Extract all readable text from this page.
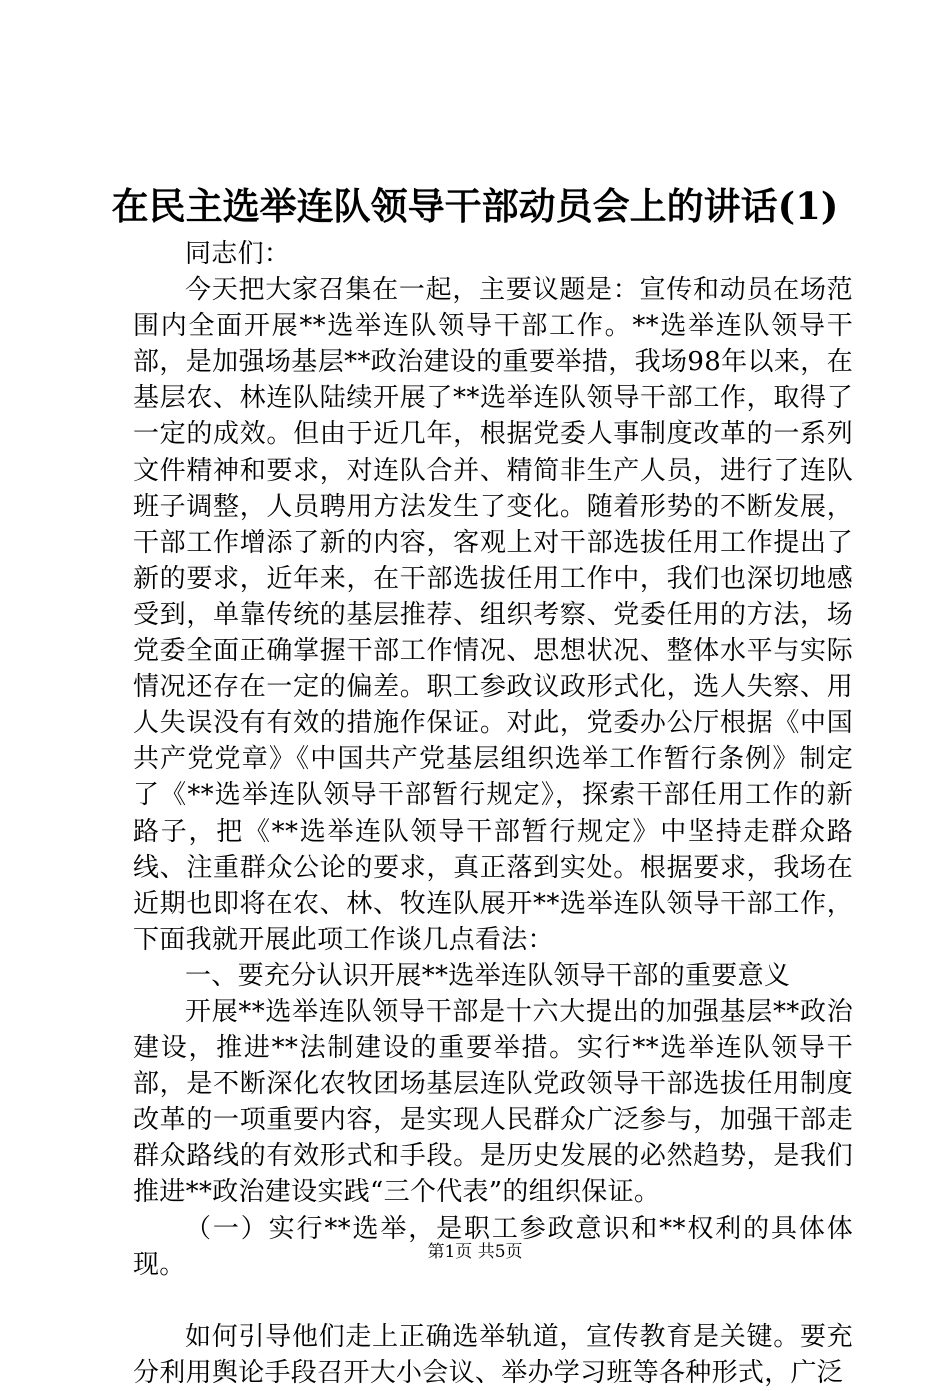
在民主选举连队领导干部动员会上的讲话(1)

同志们：

今天把大家召集在一起，主要议题是：宣传和动员在场范围内全面开展**选举连队领导干部工作。**选举连队领导干部，是加强场基层**政治建设的重要举措，我场98年以来，在基层农、林连队陆续开展了**选举连队领导干部工作，取得了一定的成效。但由于近几年，根据党委人事制度改革的一系列文件精神和要求，对连队合并、精简非生产人员，进行了连队班子调整，人员聘用方法发生了变化。随着形势的不断发展，干部工作增添了新的内容，客观上对干部选拔任用工作提出了新的要求，近年来，在干部选拔任用工作中，我们也深切地感受到，单靠传统的基层推荐、组织考察、党委任用的方法，场党委全面正确掌握干部工作情况、思想状况、整体水平与实际情况还存在一定的偏差。职工参政议政形式化，选人失察、用人失误没有有效的措施作保证。对此，党委办公厅根据《中国共产党党章》《中国共产党基层组织选举工作暂行条例》制定了《**选举连队领导干部暂行规定》，探索干部任用工作的新路子，把《**选举连队领导干部暂行规定》中坚持走群众路线、注重群众公论的要求，真正落到实处。根据要求，我场在近期也即将在农、林、牧连队展开**选举连队领导干部工作，下面我就开展此项工作谈几点看法：

一、要充分认识开展**选举连队领导干部的重要意义

开展**选举连队领导干部是十六大提出的加强基层**政治建设，推进**法制建设的重要举措。实行**选举连队领导干部，是不断深化农牧团场基层连队党政领导干部选拔任用制度改革的一项重要内容，是实现人民群众广泛参与，加强干部走群众路线的有效形式和手段。是历史发展的必然趋势，是我们推进**政治建设实践“三个代表”的组织保证。

（一）实行**选举，是职工参政意识和**权利的具体体现。

如何引导他们走上正确选举轨道，宣传教育是关键。要充分利用舆论手段召开大小会议、举办学习班等各种形式，广泛

第1页 共5页
